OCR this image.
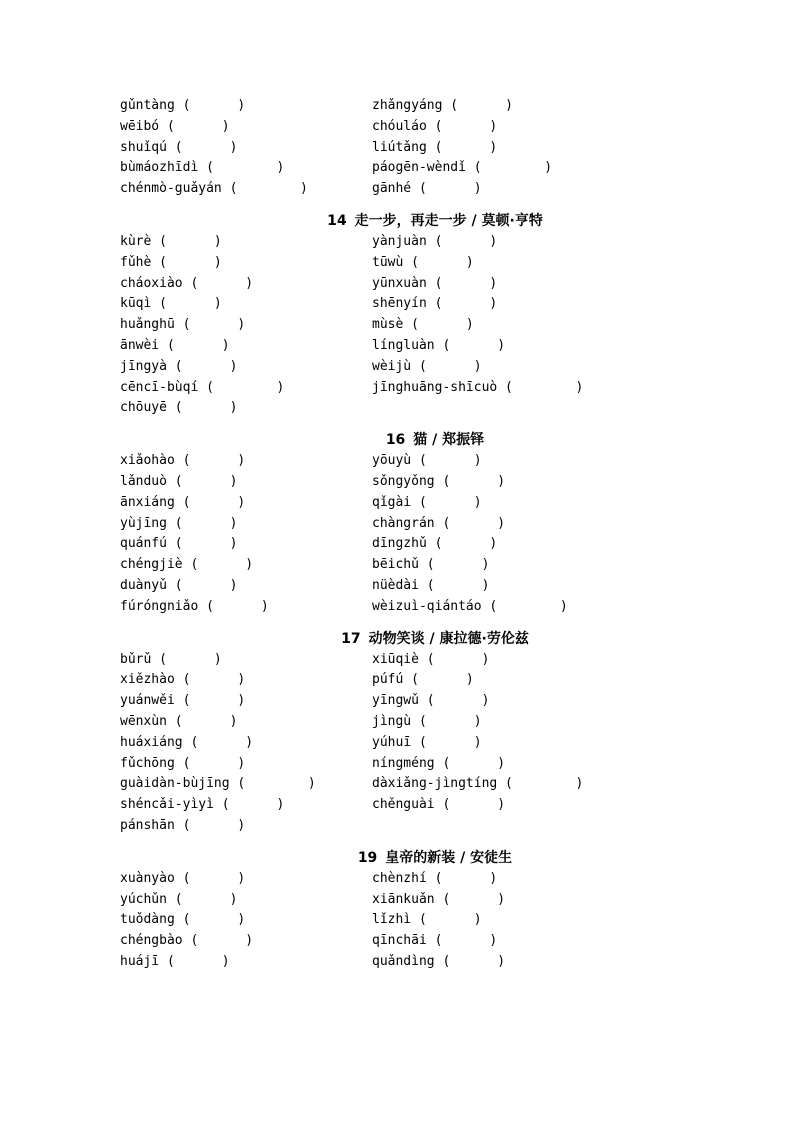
gǔntàng (      )	zhǎngyáng (      )
wēibó (      )	chóuláo (      )
shuǐqú (      )	liútǎng (      )
bùmáozhīdì (        )	páogēn-wèndǐ (        )
chénmò-guǎyán (        )	gānhé (      )
14 走一步，再走一步 / 莫顿·亨特
kùrè (      )	yànjuàn (      )
fǔhè (      )	tūwù (      )
cháoxiào (      )	yūnxuàn (      )
kūqì (      )	shēnyín (      )
huǎnghū (      )	mùsè (      )
ānwèi (      )	língluàn (      )
jīngyà (      )	wèijù (      )
cēncī-bùqí (        )	jīnghuāng-shīcuò (        )
chōuyē (      )
16 猫 / 郑振铎
xiǎohào (      )	yōuyù (      )
lǎnduò (      )	sǒngyǒng (      )
ānxiáng (      )	qǐgài (      )
yùjīng (      )	chàngrán (      )
quánfú (      )	dīngzhǔ (      )
chéngjiè (      )	bēichǔ (      )
duànyǔ (      )	nüèdài (      )
fúróngniǎo (      )	wèizuì-qiántáo (        )
17 动物笑谈 / 康拉德·劳伦兹
bǔrǔ (      )	xiūqiè (      )
xiězhào (      )	púfú (      )
yuánwěi (      )	yīngwǔ (      )
wēnxùn (      )	jìngù (      )
huáxiáng (      )	yúhuī (      )
fǔchōng (      )	níngméng (      )
guàidàn-bùjīng (        )	dàxiǎng-jìngtíng (        )
shéncǎi-yìyì (      )	chěnguài (      )
pánshān (      )
19 皇帝的新装 / 安徒生
xuànyào (      )	chènzhí (      )
yúchǔn (      )	xiānkuǎn (      )
tuǒdàng (      )	lǐzhì (      )
chéngbào (      )	qīnchāi (      )
huájī (      )	quǎndìng (      )
